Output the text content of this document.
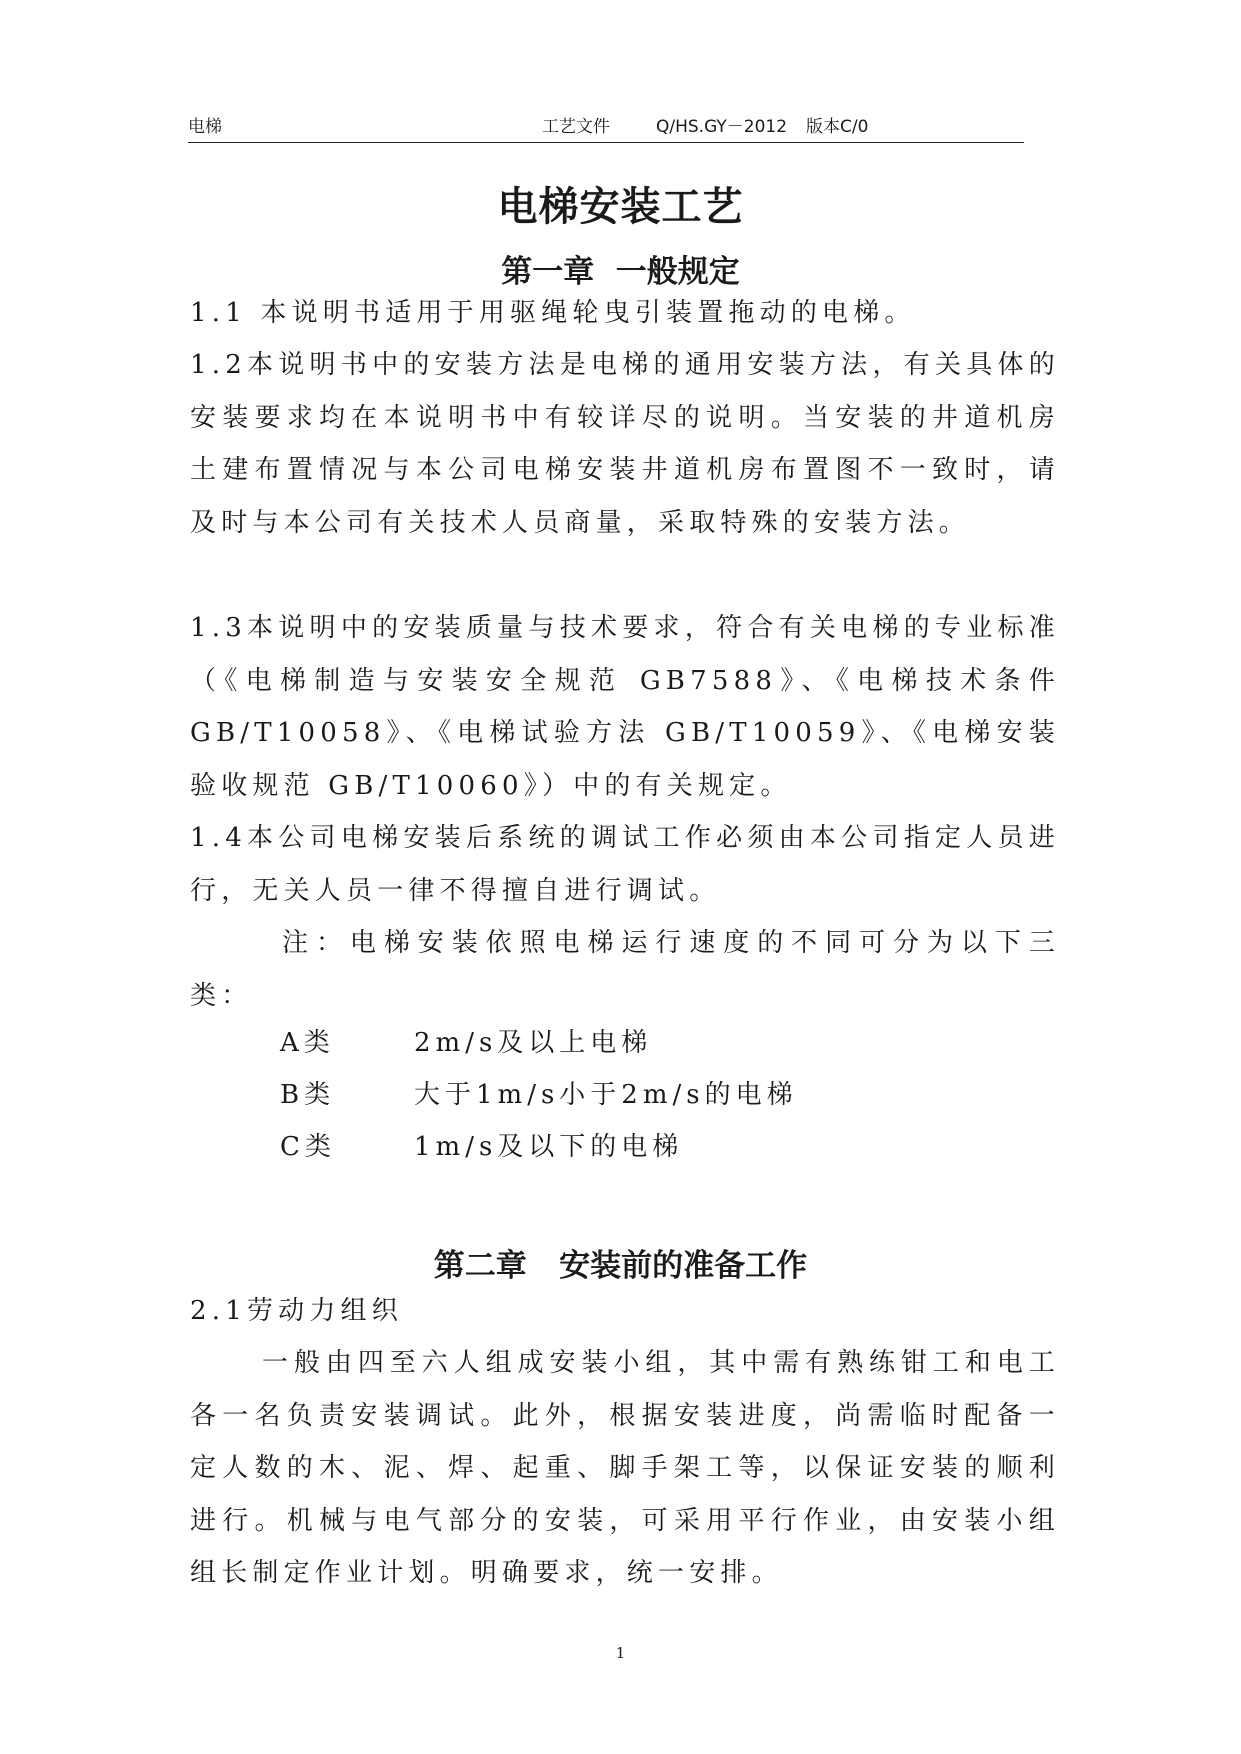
电梯	工艺文件	Q/HS.GY－2012 版本C/0
电梯安装工艺
第一章  一般规定
1.1 本说明书适用于用驱绳轮曳引装置拖动的电梯。
1.2本说明书中的安装方法是电梯的通用安装方法，有关具体的安装要求均在本说明书中有较详尽的说明。当安装的井道机房土建布置情况与本公司电梯安装井道机房布置图不一致时，请及时与本公司有关技术人员商量，采取特殊的安装方法。
1.3本说明中的安装质量与技术要求，符合有关电梯的专业标准（《电梯制造与安装安全规范 GB7588》、《电梯技术条件 GB/T10058》、《电梯试验方法 GB/T10059》、《电梯安装验收规范 GB/T10060》）中的有关规定。
1.4本公司电梯安装后系统的调试工作必须由本公司指定人员进行，无关人员一律不得擅自进行调试。
注：电梯安装依照电梯运行速度的不同可分为以下三类：
A类	2m/s及以上电梯
B类	大于1m/s小于2m/s的电梯
C类	1m/s及以下的电梯
第二章   安装前的准备工作
2.1劳动力组织
一般由四至六人组成安装小组，其中需有熟练钳工和电工各一名负责安装调试。此外，根据安装进度，尚需临时配备一定人数的木、泥、焊、起重、脚手架工等，以保证安装的顺利进行。机械与电气部分的安装，可采用平行作业，由安装小组组长制定作业计划。明确要求，统一安排。
1
